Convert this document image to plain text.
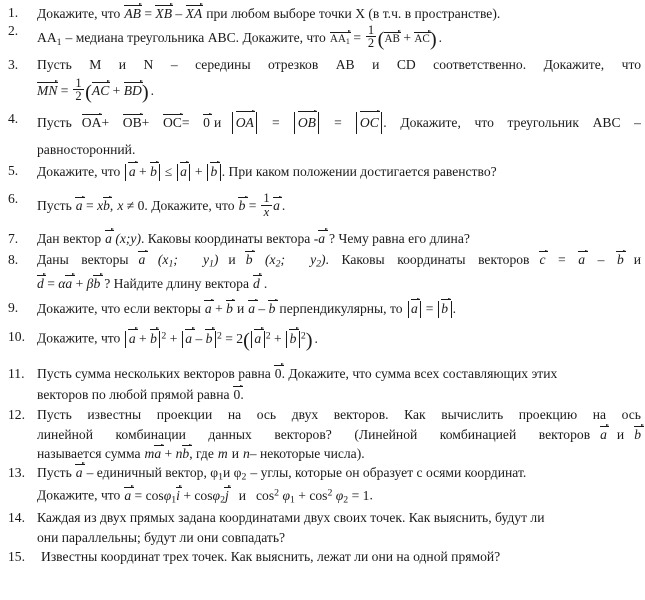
1.	Докажите, что AB = XB – XA при любом выборе точки X (в т.ч. в пространстве).
2.	$AA_1$ – медиана треугольника АВС. Докажите, что $AA_1 = \frac{1}{2} (AB + AC)$ .
3.	Пусть М и N – середины отрезков АВ и CD соответственно. Докажите, что
MN = $\frac{1}{2} (AC + BD)$ .
4.	Пусть OA+ OB+ OC= 0 и OA = OB = OC . Докажите, что треугольник АВС –
равносторонний.
5.	Докажите, что a + b ≤ a + b . При каком положении достигается равенство?
6.	Пусть a = xb, x ≠ 0. Докажите, что $b = \frac{1}{x}$ a .
7.	Дан вектор a (x;y). Каковы координаты вектора -a ? Чему равна его длина?
8.	Даны векторы a ($x_1$;  $y_1$) и b ($x_2$;  $y_2$). Каковы координаты векторов c = a – b и
d = αa + βb ? Найдите длину вектора d .
9.	Докажите, что если векторы a + b и a – b перпендикулярны, то a = b .
10. Докажите, что a + b $^2$ + a – b $^2$ = 2( a $^2$ + b $^2$) .
11. Пусть сумма нескольких векторов равна 0. Докажите, что сумма всех составляющих этих
векторов по любой прямой равна 0.
12. Пусть известны проекции на ось двух векторов. Как вычислить проекцию на ось
линейной комбинации данных векторов? (Линейной комбинацией векторов a и b
называется сумма ma + nb, где m и n– некоторые числа).
13. Пусть a – единичный вектор, $\varphi_1и$ $\varphi_2$ – углы, которые он образует с осями координат.
Докажите, что a = cosφ$_1$i + cosφ$_2$j и $\cos^2 \varphi_1 + \cos^2 \varphi_2 = 1$.
14. Каждая из двух прямых задана координатами двух своих точек. Как выяснить, будут ли
они параллельны; будут ли они совпадать?
15.	Известны координат трех точек. Как выяснить, лежат ли они на одной прямой?
